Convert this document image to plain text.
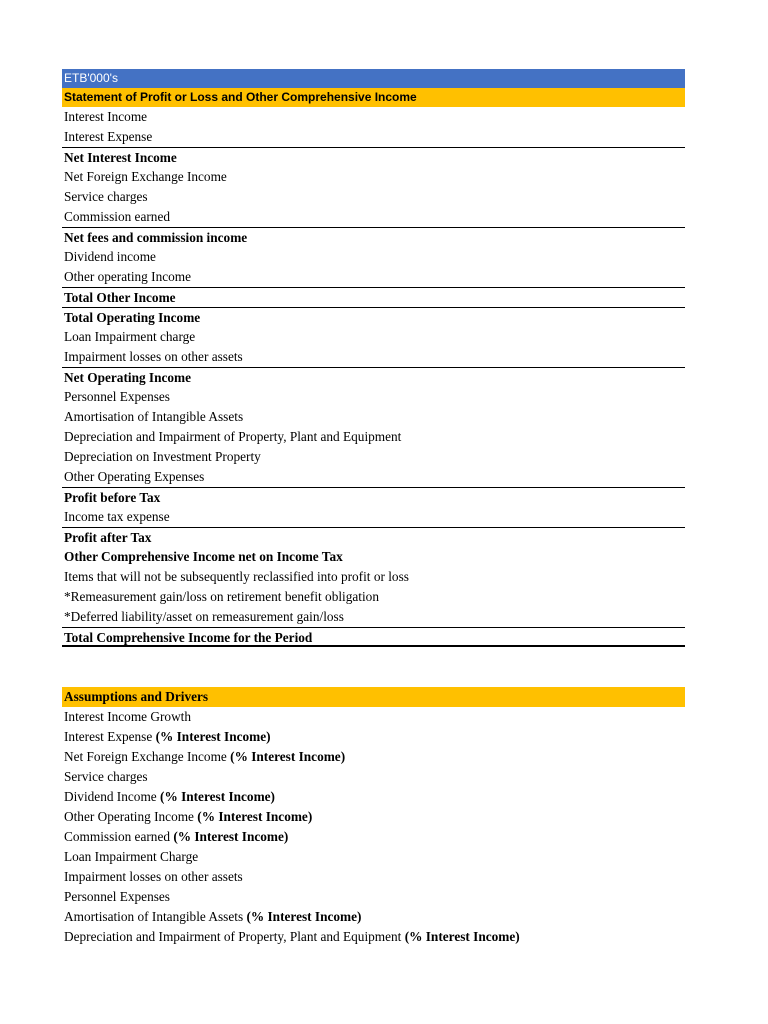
ETB'000's
Statement of Profit or Loss and Other Comprehensive Income
Interest Income
Interest Expense
Net Interest Income
Net Foreign Exchange Income
Service charges
Commission earned
Net fees and commission income
Dividend income
Other operating Income
Total Other Income
Total Operating Income
Loan Impairment charge
Impairment losses on other assets
Net Operating Income
Personnel Expenses
Amortisation of Intangible Assets
Depreciation and Impairment of Property, Plant and Equipment
Depreciation on Investment Property
Other Operating Expenses
Profit before Tax
Income tax expense
Profit after Tax
Other Comprehensive Income net on Income Tax
Items that will not be subsequently reclassified into profit or loss
*Remeasurement gain/loss on retirement benefit obligation
*Deferred liability/asset on remeasurement gain/loss
Total Comprehensive Income for the Period
Assumptions and Drivers
Interest Income Growth
Interest Expense (% Interest Income)
Net Foreign Exchange Income (% Interest Income)
Service charges
Dividend Income (% Interest Income)
Other Operating Income (% Interest Income)
Commission earned (% Interest Income)
Loan Impairment Charge
Impairment losses on other assets
Personnel Expenses
Amortisation of Intangible Assets (% Interest Income)
Depreciation and Impairment of Property, Plant and Equipment (% Interest Income)
